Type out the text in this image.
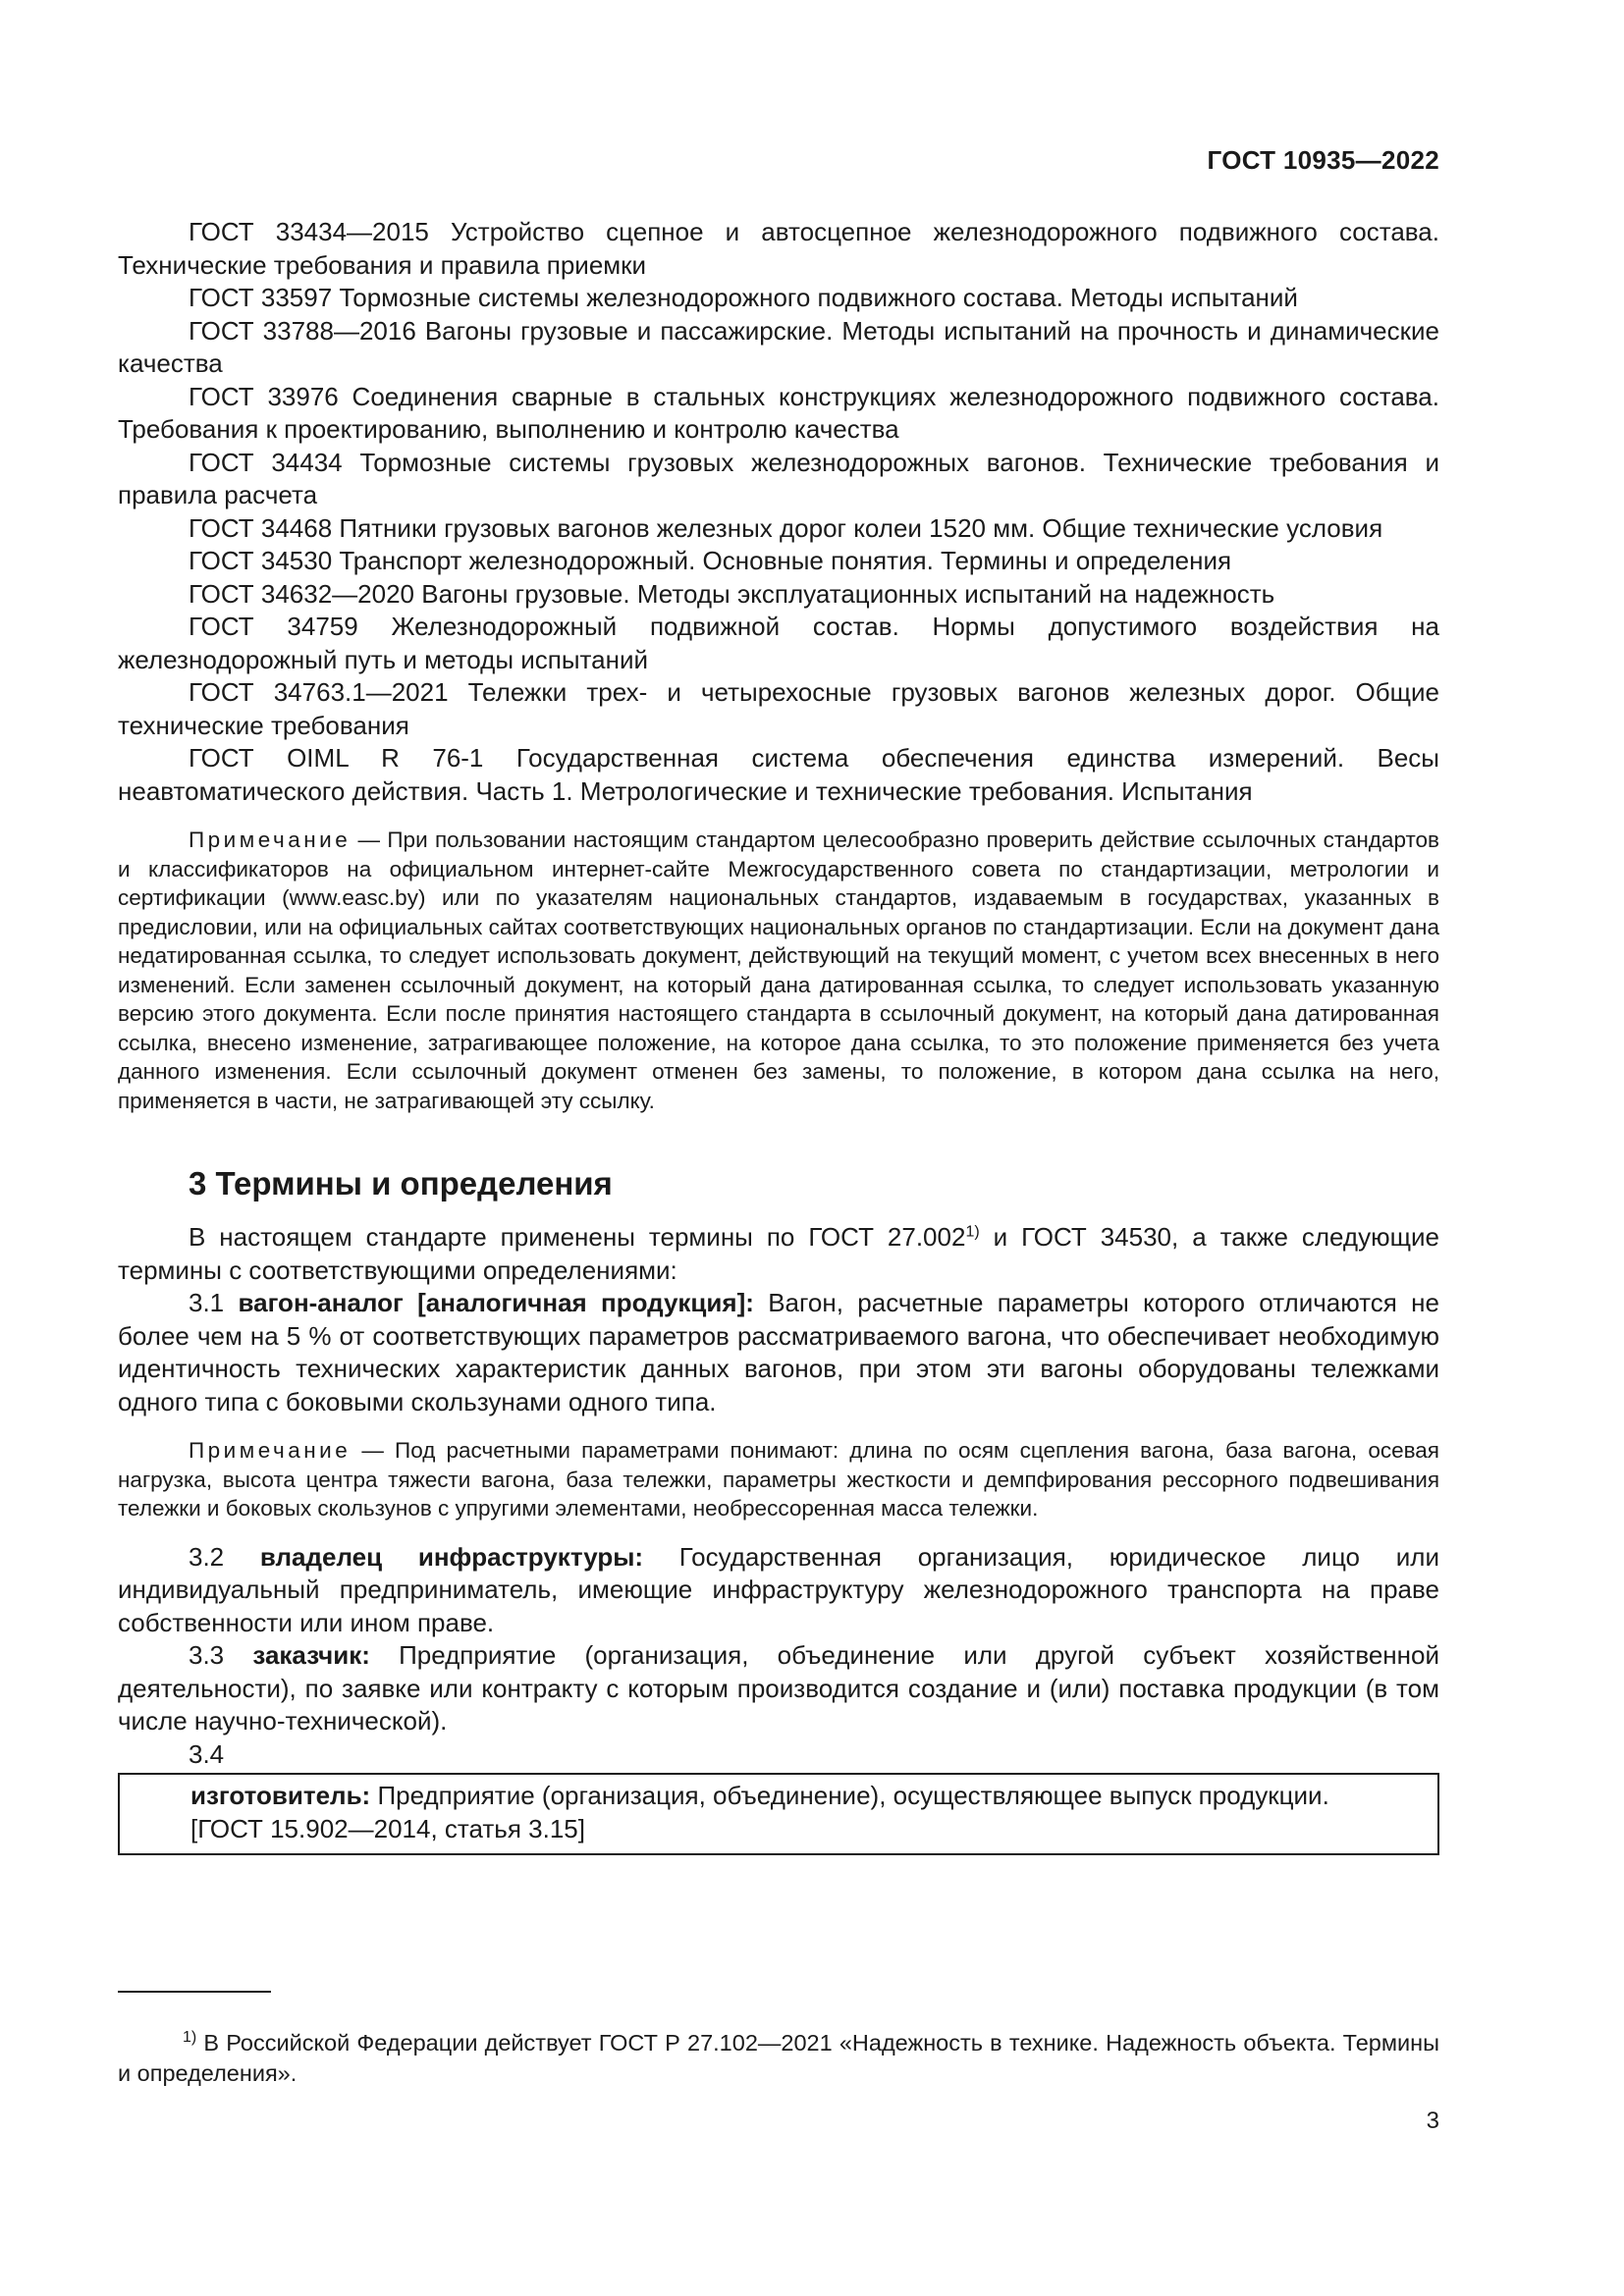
ГОСТ 10935—2022

ГОСТ 33434—2015 Устройство сцепное и автосцепное железнодорожного подвижного состава. Технические требования и правила приемки

ГОСТ 33597 Тормозные системы железнодорожного подвижного состава. Методы испытаний

ГОСТ 33788—2016 Вагоны грузовые и пассажирские. Методы испытаний на прочность и динамические качества

ГОСТ 33976 Соединения сварные в стальных конструкциях железнодорожного подвижного состава. Требования к проектированию, выполнению и контролю качества

ГОСТ 34434 Тормозные системы грузовых железнодорожных вагонов. Технические требования и правила расчета

ГОСТ 34468 Пятники грузовых вагонов железных дорог колеи 1520 мм. Общие технические условия

ГОСТ 34530 Транспорт железнодорожный. Основные понятия. Термины и определения

ГОСТ 34632—2020 Вагоны грузовые. Методы эксплуатационных испытаний на надежность

ГОСТ 34759 Железнодорожный подвижной состав. Нормы допустимого воздействия на железнодорожный путь и методы испытаний

ГОСТ 34763.1—2021 Тележки трех- и четырехосные грузовых вагонов железных дорог. Общие технические требования

ГОСТ OIML R 76-1 Государственная система обеспечения единства измерений. Весы неавтоматического действия. Часть 1. Метрологические и технические требования. Испытания

Примечание — При пользовании настоящим стандартом целесообразно проверить действие ссылочных стандартов и классификаторов на официальном интернет-сайте Межгосударственного совета по стандартизации, метрологии и сертификации (www.easc.by) или по указателям национальных стандартов, издаваемым в государствах, указанных в предисловии, или на официальных сайтах соответствующих национальных органов по стандартизации. Если на документ дана недатированная ссылка, то следует использовать документ, действующий на текущий момент, с учетом всех внесенных в него изменений. Если заменен ссылочный документ, на который дана датированная ссылка, то следует использовать указанную версию этого документа. Если после принятия настоящего стандарта в ссылочный документ, на который дана датированная ссылка, внесено изменение, затрагивающее положение, на которое дана ссылка, то это положение применяется без учета данного изменения. Если ссылочный документ отменен без замены, то положение, в котором дана ссылка на него, применяется в части, не затрагивающей эту ссылку.

3 Термины и определения

В настоящем стандарте применены термины по ГОСТ 27.002$^{1)}$ и ГОСТ 34530, а также следующие термины с соответствующими определениями:

3.1 вагон-аналог [аналогичная продукция]: Вагон, расчетные параметры которого отличаются не более чем на 5 % от соответствующих параметров рассматриваемого вагона, что обеспечивает необходимую идентичность технических характеристик данных вагонов, при этом эти вагоны оборудованы тележками одного типа с боковыми скользунами одного типа.

Примечание — Под расчетными параметрами понимают: длина по осям сцепления вагона, база вагона, осевая нагрузка, высота центра тяжести вагона, база тележки, параметры жесткости и демпфирования рессорного подвешивания тележки и боковых скользунов с упругими элементами, необрессоренная масса тележки.

3.2 владелец инфраструктуры: Государственная организация, юридическое лицо или индивидуальный предприниматель, имеющие инфраструктуру железнодорожного транспорта на праве собственности или ином праве.

3.3 заказчик: Предприятие (организация, объединение или другой субъект хозяйственной деятельности), по заявке или контракту с которым производится создание и (или) поставка продукции (в том числе научно-технической).

3.4

изготовитель: Предприятие (организация, объединение), осуществляющее выпуск продукции.

[ГОСТ 15.902—2014, статья 3.15]

$^{1)}$ В Российской Федерации действует ГОСТ Р 27.102—2021 «Надежность в технике. Надежность объекта. Термины и определения».

3
